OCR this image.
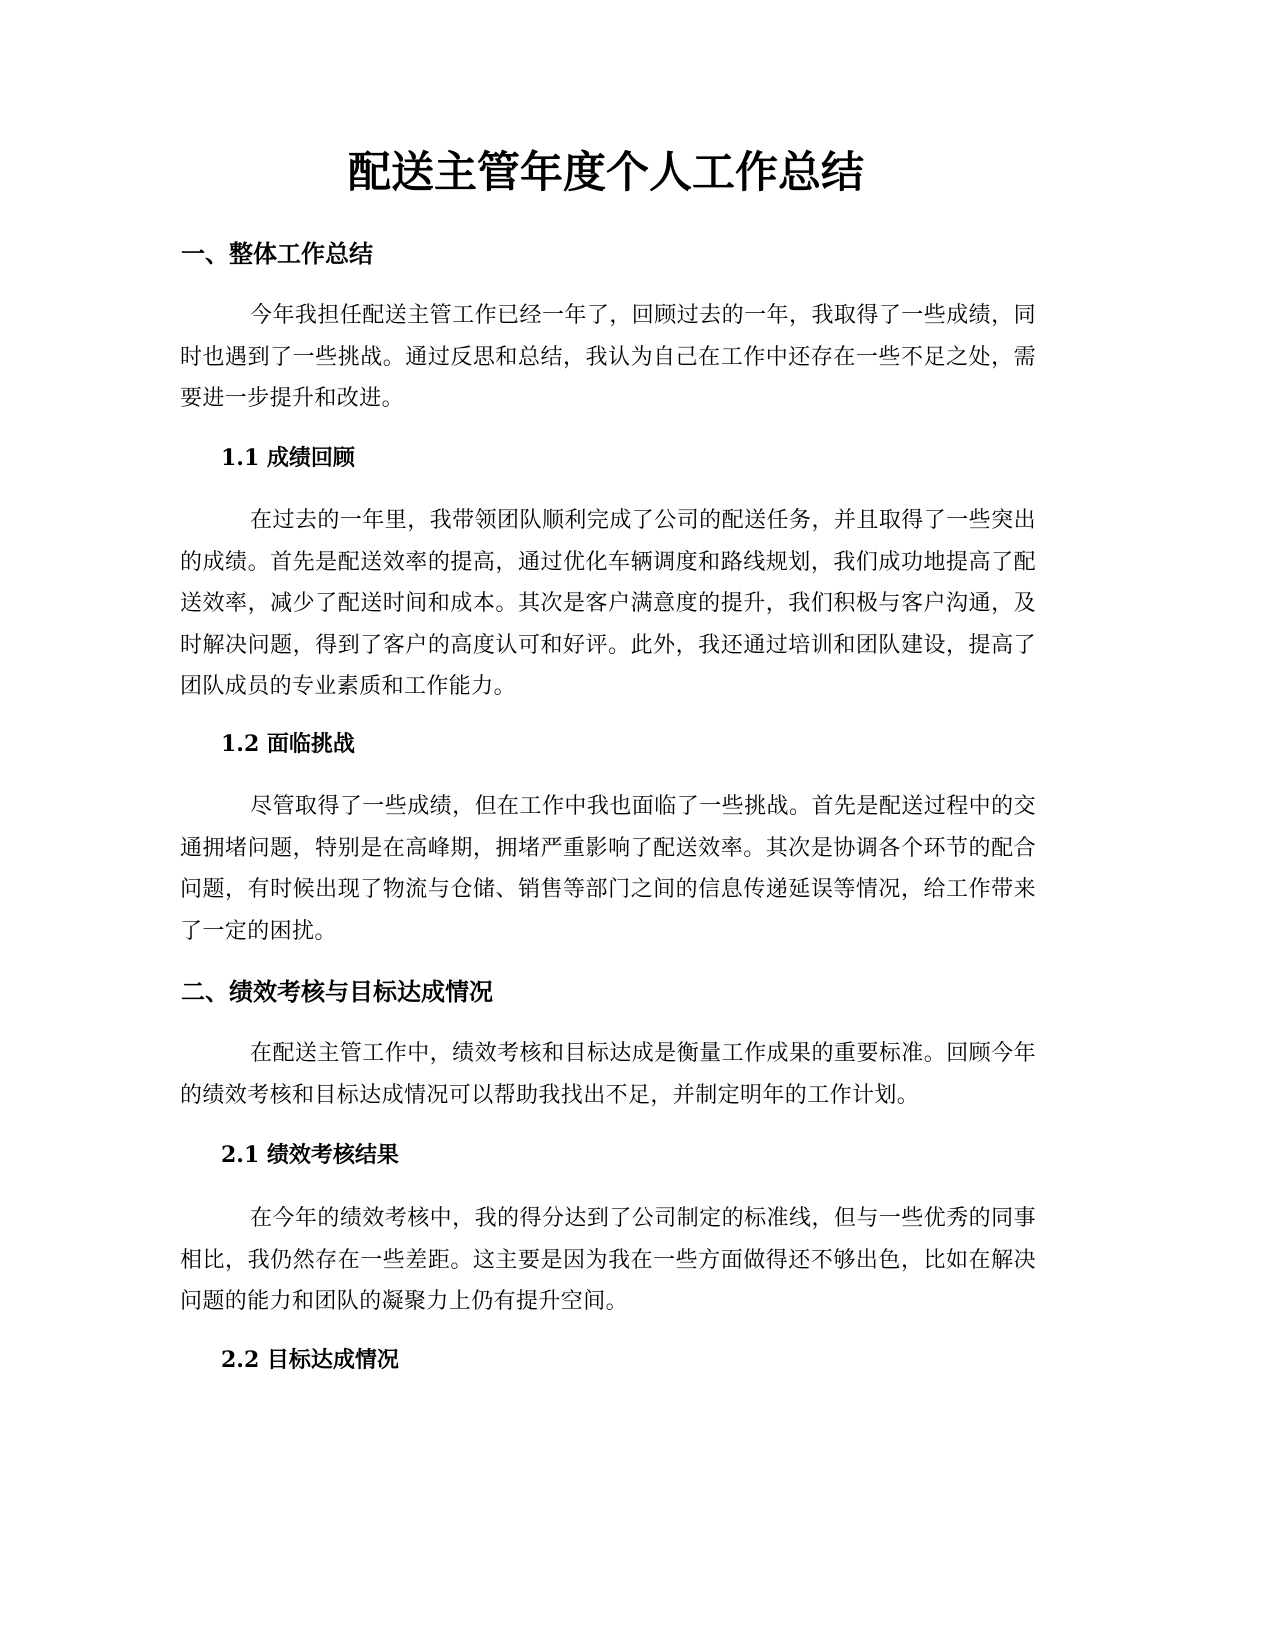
配送主管年度个人工作总结
一、整体工作总结

今年我担任配送主管工作已经一年了，回顾过去的一年，我取得了一些成绩，同时也遇到了一些挑战。通过反思和总结，我认为自己在工作中还存在一些不足之处，需要进一步提升和改进。

1.1 成绩回顾

在过去的一年里，我带领团队顺利完成了公司的配送任务，并且取得了一些突出的成绩。首先是配送效率的提高，通过优化车辆调度和路线规划，我们成功地提高了配送效率，减少了配送时间和成本。其次是客户满意度的提升，我们积极与客户沟通，及时解决问题，得到了客户的高度认可和好评。此外，我还通过培训和团队建设，提高了团队成员的专业素质和工作能力。

1.2 面临挑战

尽管取得了一些成绩，但在工作中我也面临了一些挑战。首先是配送过程中的交通拥堵问题，特别是在高峰期，拥堵严重影响了配送效率。其次是协调各个环节的配合问题，有时候出现了物流与仓储、销售等部门之间的信息传递延误等情况，给工作带来了一定的困扰。

二、绩效考核与目标达成情况

在配送主管工作中，绩效考核和目标达成是衡量工作成果的重要标准。回顾今年的绩效考核和目标达成情况可以帮助我找出不足，并制定明年的工作计划。

2.1 绩效考核结果

在今年的绩效考核中，我的得分达到了公司制定的标准线，但与一些优秀的同事相比，我仍然存在一些差距。这主要是因为我在一些方面做得还不够出色，比如在解决问题的能力和团队的凝聚力上仍有提升空间。

2.2 目标达成情况
